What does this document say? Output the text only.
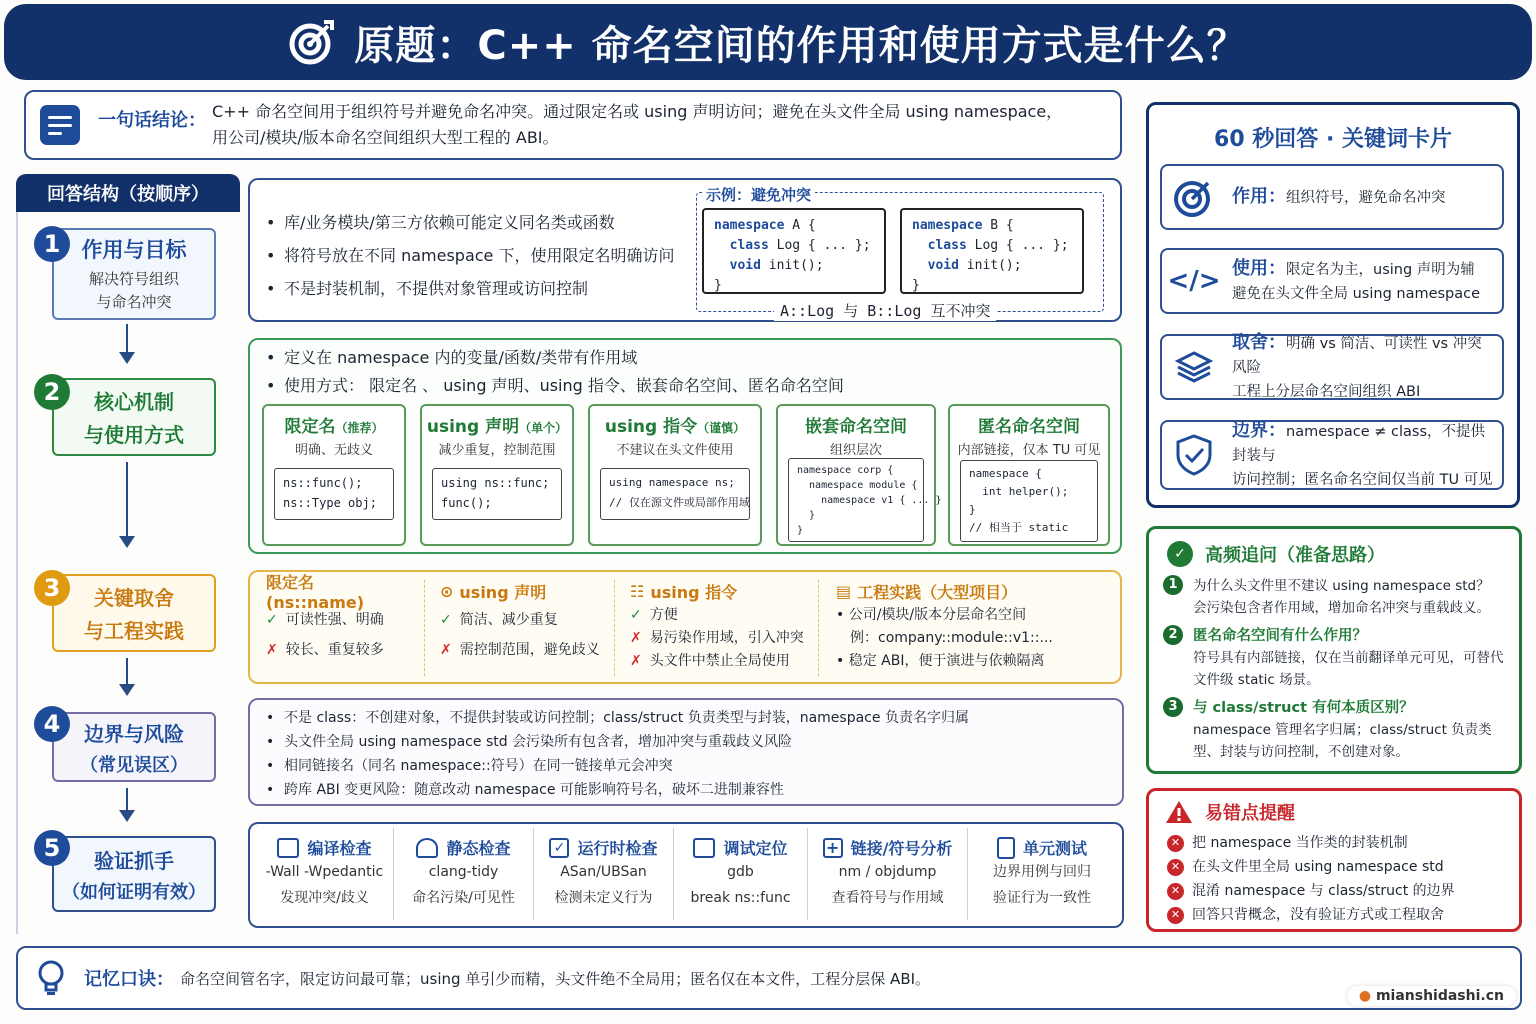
原题：C++ 命名空间的作用和使用方式是什么？
一句话结论： C++ 命名空间用于组织符号并避免命名冲突。通过限定名或 using 声明访问；避免在头文件全局 using namespace，
用公司/模块/版本命名空间组织大型工程的 ABI。
回答结构（按顺序）
作用与目标
解决符号组织
与命名冲突
1
核心机制
与使用方式
2
关键取舍
与工程实践
3
边界与风险
（常见误区）
4
验证抓手
（如何证明有效）
5
• 库/业务模块/第三方依赖可能定义同名类或函数
• 将符号放在不同 namespace 下，使用限定名明确访问
• 不是封装机制，不提供对象管理或访问控制
示例：避免冲突
namespace A {
class Log { ... };
void init();
}
namespace B {
class Log { ... };
void init();
}
A::Log 与 B::Log 互不冲突
• 定义在 namespace 内的变量/函数/类带有作用域
• 使用方式： 限定名 、 using 声明、using 指令、嵌套命名空间、匿名命名空间
限定名（推荐）
明确、无歧义
ns::func();
ns::Type obj;
using 声明（单个）
减少重复，控制范围
using ns::func;
func();
using 指令（谨慎）
不建议在头文件使用
using namespace ns;
// 仅在源文件或局部作用域
嵌套命名空间
组织层次
namespace corp {
namespace module {
namespace v1 { ... }
}
}
匿名命名空间
内部链接，仅本 TU 可见
namespace {
int helper();
}
// 相当于 static
限定名 (ns::name)
✓ 可读性强、明确
✗ 较长、重复较多
⊙ using 声明
✓ 简洁、减少重复
✗ 需控制范围，避免歧义
☷ using 指令
✓ 方便
✗ 易污染作用域，引入冲突
✗ 头文件中禁止全局使用
▤ 工程实践（大型项目）
• 公司/模块/版本分层命名空间
例：company::module::v1::...
• 稳定 ABI，便于演进与依赖隔离
• 不是 class：不创建对象，不提供封装或访问控制；class/struct 负责类型与封装，namespace 负责名字归属
• 头文件全局 using namespace std 会污染所有包含者，增加冲突与重载歧义风险
• 相同链接名（同名 namespace::符号）在同一链接单元会冲突
• 跨库 ABI 变更风险：随意改动 namespace 可能影响符号名，破坏二进制兼容性
编译检查
-Wall -Wpedantic
发现冲突/歧义
静态检查
clang-tidy
命名污染/可见性
✓ 运行时检查
ASan/UBSan
检测未定义行为
调试定位
gdb
break ns::func
+ 链接/符号分析
nm / objdump
查看符号与作用域
单元测试
边界用例与回归
验证行为一致性
60 秒回答 · 关键词卡片
作用：组织符号，避免命名冲突
</> 使用：限定名为主，using 声明为辅
避免在头文件全局 using namespace
取舍：明确 vs 简洁、可读性 vs 冲突风险
工程上分层命名空间组织 ABI
边界：namespace ≠ class，不提供封装与
访问控制；匿名命名空间仅当前 TU 可见
✓	高频追问（准备思路）
1	为什么头文件里不建议 using namespace std？
会污染包含者作用域，增加命名冲突与重载歧义。
2	匿名命名空间有什么作用？
符号具有内部链接，仅在当前翻译单元可见，可替代文件级 static 场景。
3	与 class/struct 有何本质区别？
namespace 管理名字归属；class/struct 负责类型、封装与访问控制，不创建对象。
易错点提醒
✕ 把 namespace 当作类的封装机制
✕ 在头文件里全局 using namespace std
✕ 混淆 namespace 与 class/struct 的边界
✕ 回答只背概念，没有验证方式或工程取舍
记忆口诀： 命名空间管名字，限定访问最可靠；using 单引少而精，头文件绝不全局用；匿名仅在本文件，工程分层保 ABI。
● mianshidashi.cn
